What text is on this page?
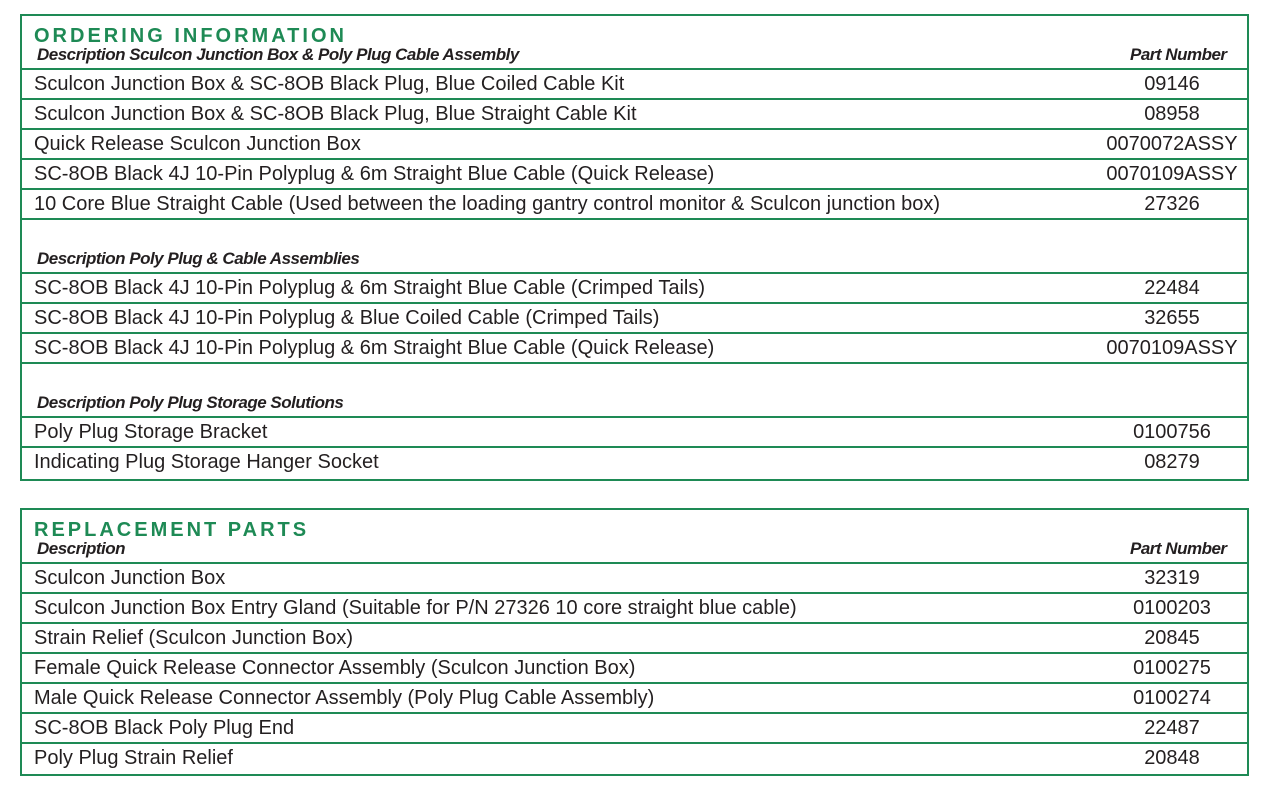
ORDERING INFORMATION
Description Sculcon Junction Box & Poly Plug Cable Assembly	Part Number
Sculcon Junction Box & SC-8OB Black Plug, Blue Coiled Cable Kit	09146
Sculcon Junction Box & SC-8OB Black Plug, Blue Straight Cable Kit	08958
Quick Release Sculcon Junction Box	0070072ASSY
SC-8OB Black 4J 10-Pin Polyplug & 6m Straight Blue Cable (Quick Release)	0070109ASSY
10 Core Blue Straight Cable (Used between the loading gantry control monitor & Sculcon junction box)	27326
Description Poly Plug & Cable Assemblies
SC-8OB Black 4J 10-Pin Polyplug & 6m Straight Blue Cable (Crimped Tails)	22484
SC-8OB Black 4J 10-Pin Polyplug & Blue Coiled Cable (Crimped Tails)	32655
SC-8OB Black 4J 10-Pin Polyplug & 6m Straight Blue Cable (Quick Release)	0070109ASSY
Description Poly Plug Storage Solutions
Poly Plug Storage Bracket	0100756
Indicating Plug Storage Hanger Socket	08279
REPLACEMENT PARTS
Description	Part Number
Sculcon Junction Box	32319
Sculcon Junction Box Entry Gland (Suitable for P/N 27326 10 core straight blue cable)	0100203
Strain Relief (Sculcon Junction Box)	20845
Female Quick Release Connector Assembly (Sculcon Junction Box)	0100275
Male Quick Release Connector Assembly (Poly Plug Cable Assembly)	0100274
SC-8OB Black Poly Plug End	22487
Poly Plug Strain Relief	20848
